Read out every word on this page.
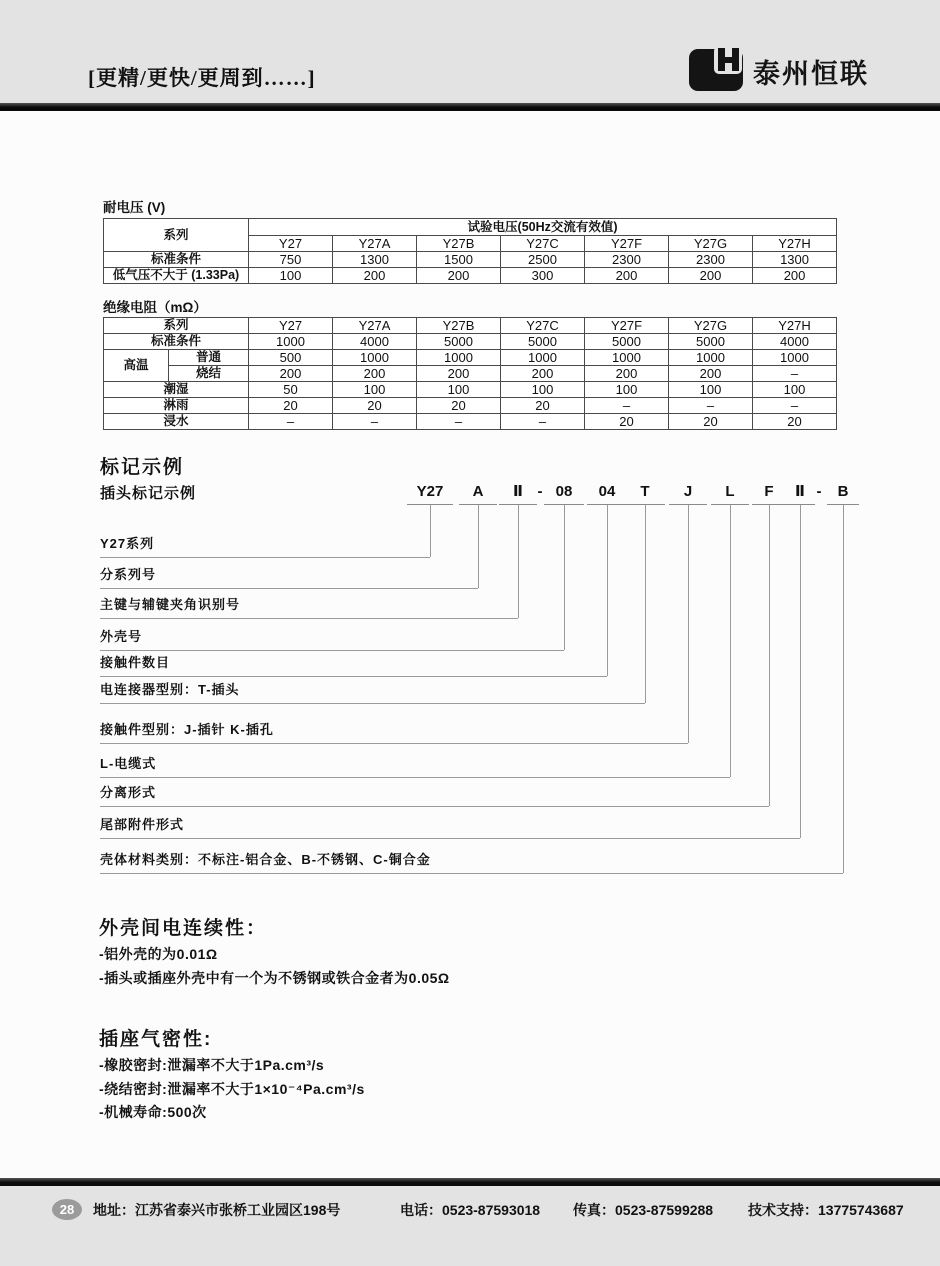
[更精/更快/更周到……]	泰州恒联
耐电压 (V)
系列	试验电压(50Hz交流有效值)						
	Y27	Y27A	Y27B	Y27C	Y27F	Y27G	Y27H
标准条件	750	1300	1500	2500	2300	2300	1300
低气压不大于 (1.33Pa)	100	200	200	300	200	200	200
绝缘电阻（mΩ）
系列		Y27	Y27A	Y27B	Y27C	Y27F	Y27G	Y27H
标准条件		1000	4000	5000	5000	5000	5000	4000
高温	普通	500	1000	1000	1000	1000	1000	1000
	烧结	200	200	200	200	200	200	–
潮湿		50	100	100	100	100	100	100
淋雨		20	20	20	20	–	–	–
浸水		–	–	–	–	20	20	20
标记示例
插头标记示例	Y27	A	Ⅱ - 08	04	T	J	L	F	Ⅱ -	B
Y27系列
分系列号
主键与辅键夹角识别号
外壳号
接触件数目
电连接器型别：T-插头
接触件型别：J-插针 K-插孔
L-电缆式
分离形式
尾部附件形式
壳体材料类别：不标注-铝合金、B-不锈钢、C-铜合金
外壳间电连续性：
-铝外壳的为0.01Ω
-插头或插座外壳中有一个为不锈钢或铁合金者为0.05Ω
插座气密性:
-橡胶密封:泄漏率不大于1Pa.cm³/s
-绕结密封:泄漏率不大于1×10⁻⁴Pa.cm³/s
-机械寿命:500次
28	地址：江苏省泰兴市张桥工业园区198号	电话：0523-87593018 传真：0523-87599288 技术支持：13775743687
